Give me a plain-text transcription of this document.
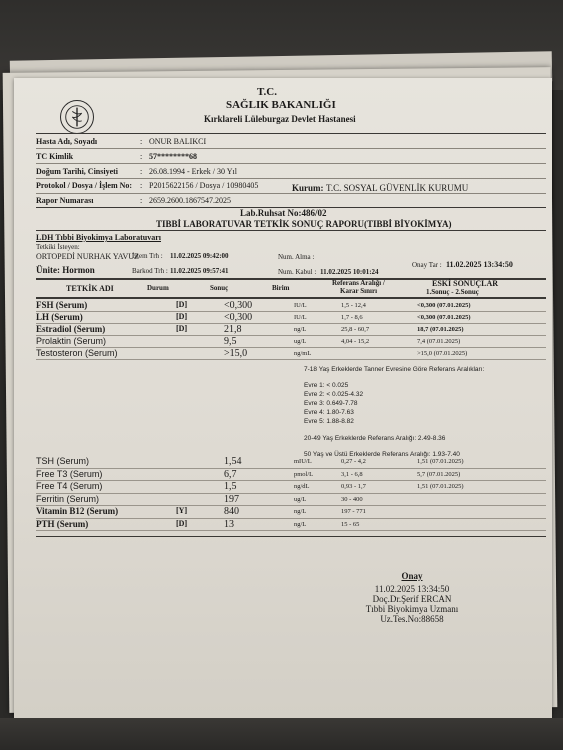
T.C.
SAĞLIK BAKANLIĞI
Kırklareli Lüleburgaz Devlet Hastanesi
Hasta Adı, Soyadı	: ONUR BALIKCI
TC Kimlik	: 57********68
Doğum Tarihi, Cinsiyeti	: 26.08.1994 - Erkek / 30 Yıl
Protokol / Dosya / İşlem No: : P2015622156 / Dosya / 10980405	Kurum: T.C. SOSYAL GÜVENLİK KURUMU
Rapor Numarası	: 2659.2600.1867547.2025
Lab.Ruhsat No:486/02
TIBBİ LABORATUVAR TETKİK SONUÇ RAPORU(TIBBİ BİYOKİMYA)
LDH Tıbbi Biyokimya Laboratuvarı
Tetkiki İsteyen:
ORTOPEDİ NURHAK YAVUZ
İstem Trh : 11.02.2025 09:42:00	Num. Alma :
Ünite: Hormon	Barkod Trh : 11.02.2025 09:57:41	Num. Kabul : 11.02.2025 10:01:24
Onay Tar : 11.02.2025 13:34:50
TETKİK ADI	Durum	Sonuç	Birim
Referans Aralığı /
Karar Sınırı
ESKİ SONUÇLAR
1.Sonuç - 2.Sonuç
FSH (Serum)	[D]	<0,300	IU/L	1,5 - 12,4	<0,300 (07.01.2025)
LH (Serum)	[D]	<0,300	IU/L	1,7 - 8,6	<0,300 (07.01.2025)
Estradiol (Serum)	[D]	21,8	ng/L	25,8 - 60,7	18,7 (07.01.2025)
Prolaktin (Serum)	9,5	ug/L	4,04 - 15,2	7,4 (07.01.2025)
Testosteron (Serum)	>15,0	ng/mL	>15,0 (07.01.2025)
7-18 Yaş Erkeklerde Tanner Evresine Göre Referans Aralıkları:
Evre 1: < 0.025
Evre 2: < 0.025-4.32
Evre 3: 0.649-7.78
Evre 4: 1.80-7.63
Evre 5: 1.88-8.82
20-49 Yaş Erkeklerde Referans Aralığı: 2.49-8.36
50 Yaş ve Üstü Erkeklerde Referans Aralığı: 1.93-7.40
TSH (Serum)	1,54	mIU/L	0,27 - 4,2	1,51 (07.01.2025)
Free T3 (Serum)	6,7	pmol/L	3,1 - 6,8	5,7 (07.01.2025)
Free T4 (Serum)	1,5	ng/dL	0,93 - 1,7	1,51 (07.01.2025)
Ferritin (Serum)	197	ug/L	30 - 400
Vitamin B12 (Serum)	[Y]	840	ng/L	197 - 771
PTH (Serum)	[D]	13	ng/L	15 - 65
Onay
11.02.2025 13:34:50
Doç.Dr.Şerif ERCAN
Tıbbi Biyokimya Uzmanı
Uz.Tes.No:88658
